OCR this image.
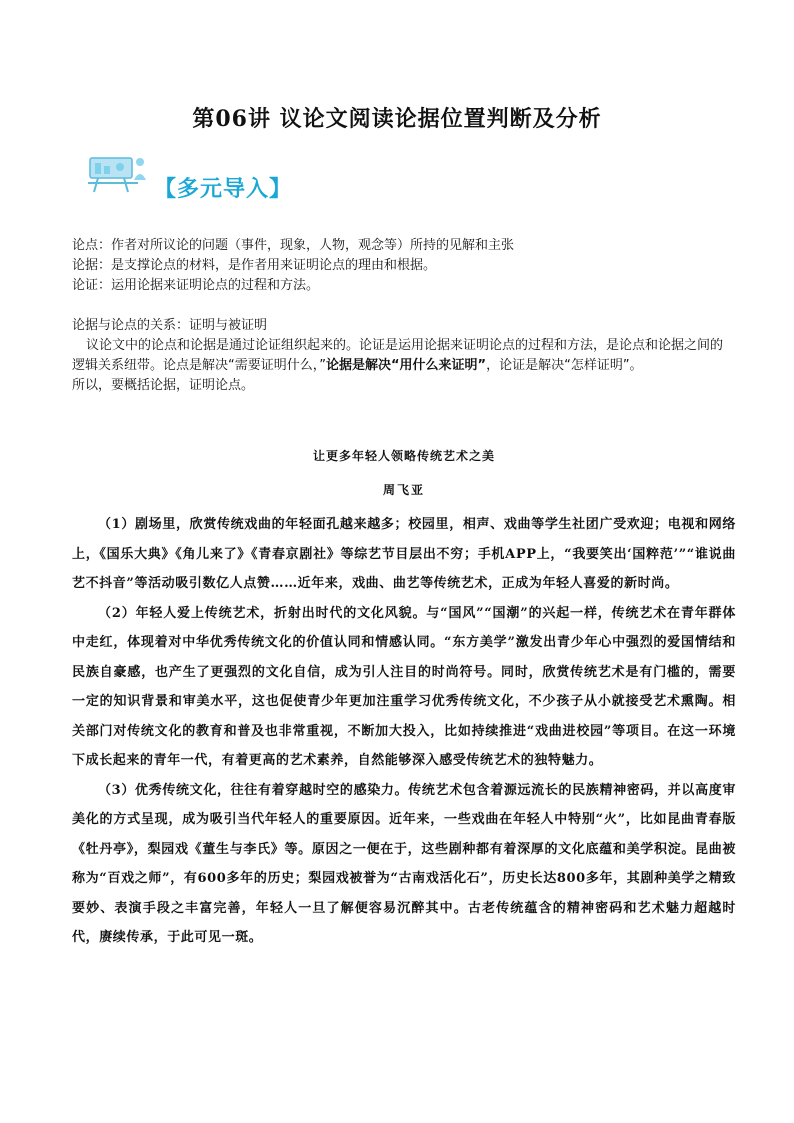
第06讲 议论文阅读论据位置判断及分析
【多元导入】

论点：作者对所议论的问题（事件，现象，人物，观念等）所持的见解和主张

论据：是支撑论点的材料，是作者用来证明论点的理由和根据。

论证：运用论据来证明论点的过程和方法。

论据与论点的关系：证明与被证明

议论文中的论点和论据是通过论证组织起来的。论证是运用论据来证明论点的过程和方法，是论点和论据之间的逻辑关系纽带。论点是解决“需要证明什么，”论据是解决“用什么来证明”，论证是解决“怎样证明”。

所以，要概括论据，证明论点。

让更多年轻人领略传统艺术之美

周飞亚

（1）剧场里，欣赏传统戏曲的年轻面孔越来越多；校园里，相声、戏曲等学生社团广受欢迎；电视和网络上，《国乐大典》《角儿来了》《青春京剧社》等综艺节目层出不穷；手机APP上，“我要笑出‘国粹范’”“谁说曲艺不抖音”等活动吸引数亿人点赞……近年来，戏曲、曲艺等传统艺术，正成为年轻人喜爱的新时尚。

（2）年轻人爱上传统艺术，折射出时代的文化风貌。与“国风”“国潮”的兴起一样，传统艺术在青年群体中走红，体现着对中华优秀传统文化的价值认同和情感认同。“东方美学”激发出青少年心中强烈的爱国情结和民族自豪感，也产生了更强烈的文化自信，成为引人注目的时尚符号。同时，欣赏传统艺术是有门槛的，需要一定的知识背景和审美水平，这也促使青少年更加注重学习优秀传统文化，不少孩子从小就接受艺术熏陶。相关部门对传统文化的教育和普及也非常重视，不断加大投入，比如持续推进“戏曲进校园”等项目。在这一环境下成长起来的青年一代，有着更高的艺术素养，自然能够深入感受传统艺术的独特魅力。

（3）优秀传统文化，往往有着穿越时空的感染力。传统艺术包含着源远流长的民族精神密码，并以高度审美化的方式呈现，成为吸引当代年轻人的重要原因。近年来，一些戏曲在年轻人中特别“火”，比如昆曲青春版《牡丹亭》，梨园戏《董生与李氏》等。原因之一便在于，这些剧种都有着深厚的文化底蕴和美学积淀。昆曲被称为“百戏之师”，有600多年的历史；梨园戏被誉为“古南戏活化石”，历史长达800多年，其剧种美学之精致要妙、表演手段之丰富完善，年轻人一旦了解便容易沉醉其中。古老传统蕴含的精神密码和艺术魅力超越时代，赓续传承，于此可见一斑。
